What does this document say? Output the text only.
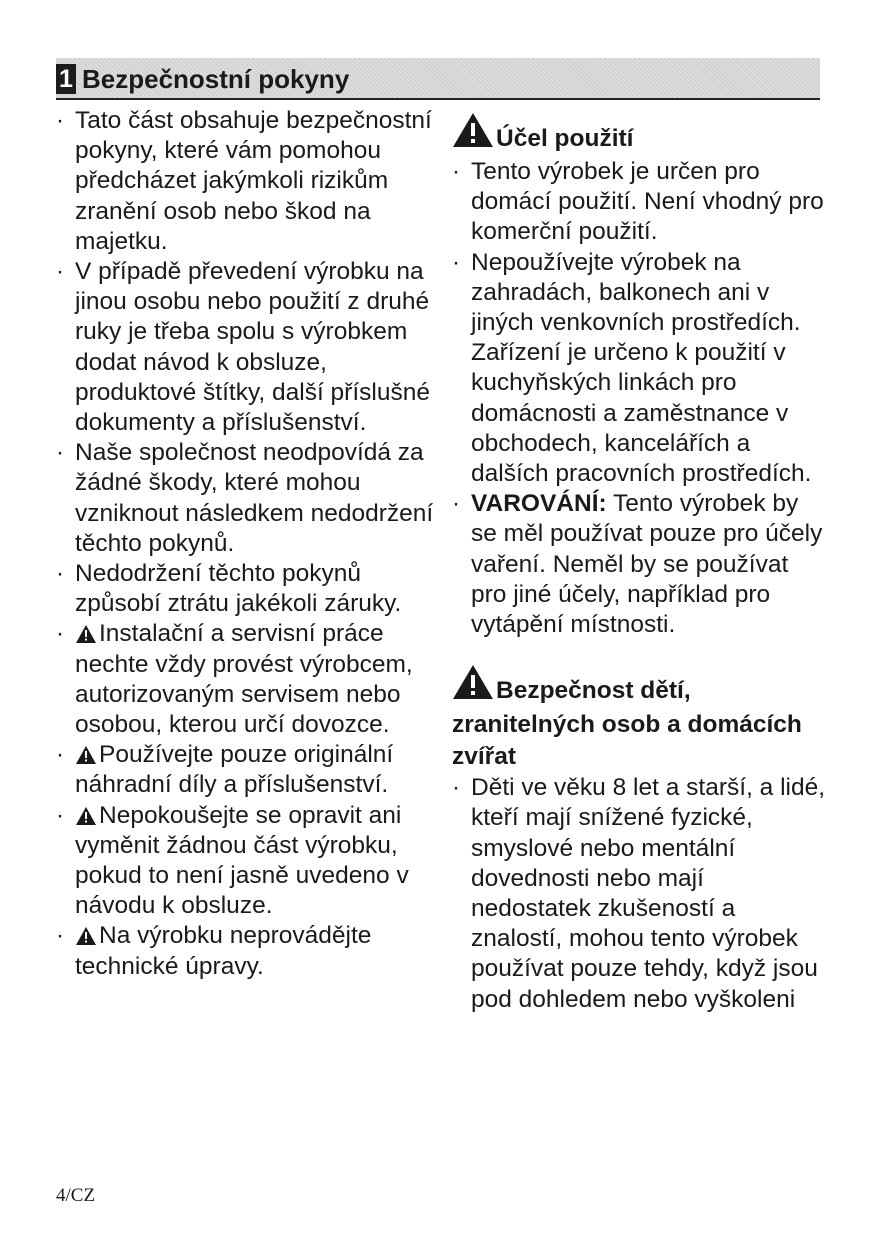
1 Bezpečnostní pokyny
· Tato část obsahuje bezpečnostní pokyny, které vám pomohou předcházet jakýmkoli rizikům zranění osob nebo škod na majetku.
· V případě převedení výrobku na jinou osobu nebo použití z druhé ruky je třeba spolu s výrobkem dodat návod k obsluze, produktové štítky, další příslušné dokumenty a příslušenství.
· Naše společnost neodpovídá za žádné škody, které mohou vzniknout následkem nedodržení těchto pokynů.
· Nedodržení těchto pokynů způsobí ztrátu jakékoli záruky.
· Instalační a servisní práce nechte vždy provést výrobcem, autorizovaným servisem nebo osobou, kterou určí dovozce.
· Používejte pouze originální náhradní díly a příslušenství.
· Nepokoušejte se opravit ani vyměnit žádnou část výrobku, pokud to není jasně uvedeno v návodu k obsluze.
· Na výrobku neprovádějte technické úpravy.
Účel použití
· Tento výrobek je určen pro domácí použití. Není vhodný pro komerční použití.
· Nepoužívejte výrobek na zahradách, balkonech ani v jiných venkovních prostředích. Zařízení je určeno k použití v kuchyňských linkách pro domácnosti a zaměstnance v obchodech, kancelářích a dalších pracovních prostředích.
· VAROVÁNÍ: Tento výrobek by se měl používat pouze pro účely vaření. Neměl by se používat pro jiné účely, například pro vytápění místnosti.
Bezpečnost dětí,
zranitelných osob a domácích zvířat
· Děti ve věku 8 let a starší, a lidé, kteří mají snížené fyzické, smyslové nebo mentální dovednosti nebo mají nedostatek zkušeností a znalostí, mohou tento výrobek používat pouze tehdy, když jsou pod dohledem nebo vyškoleni
4/CZ
